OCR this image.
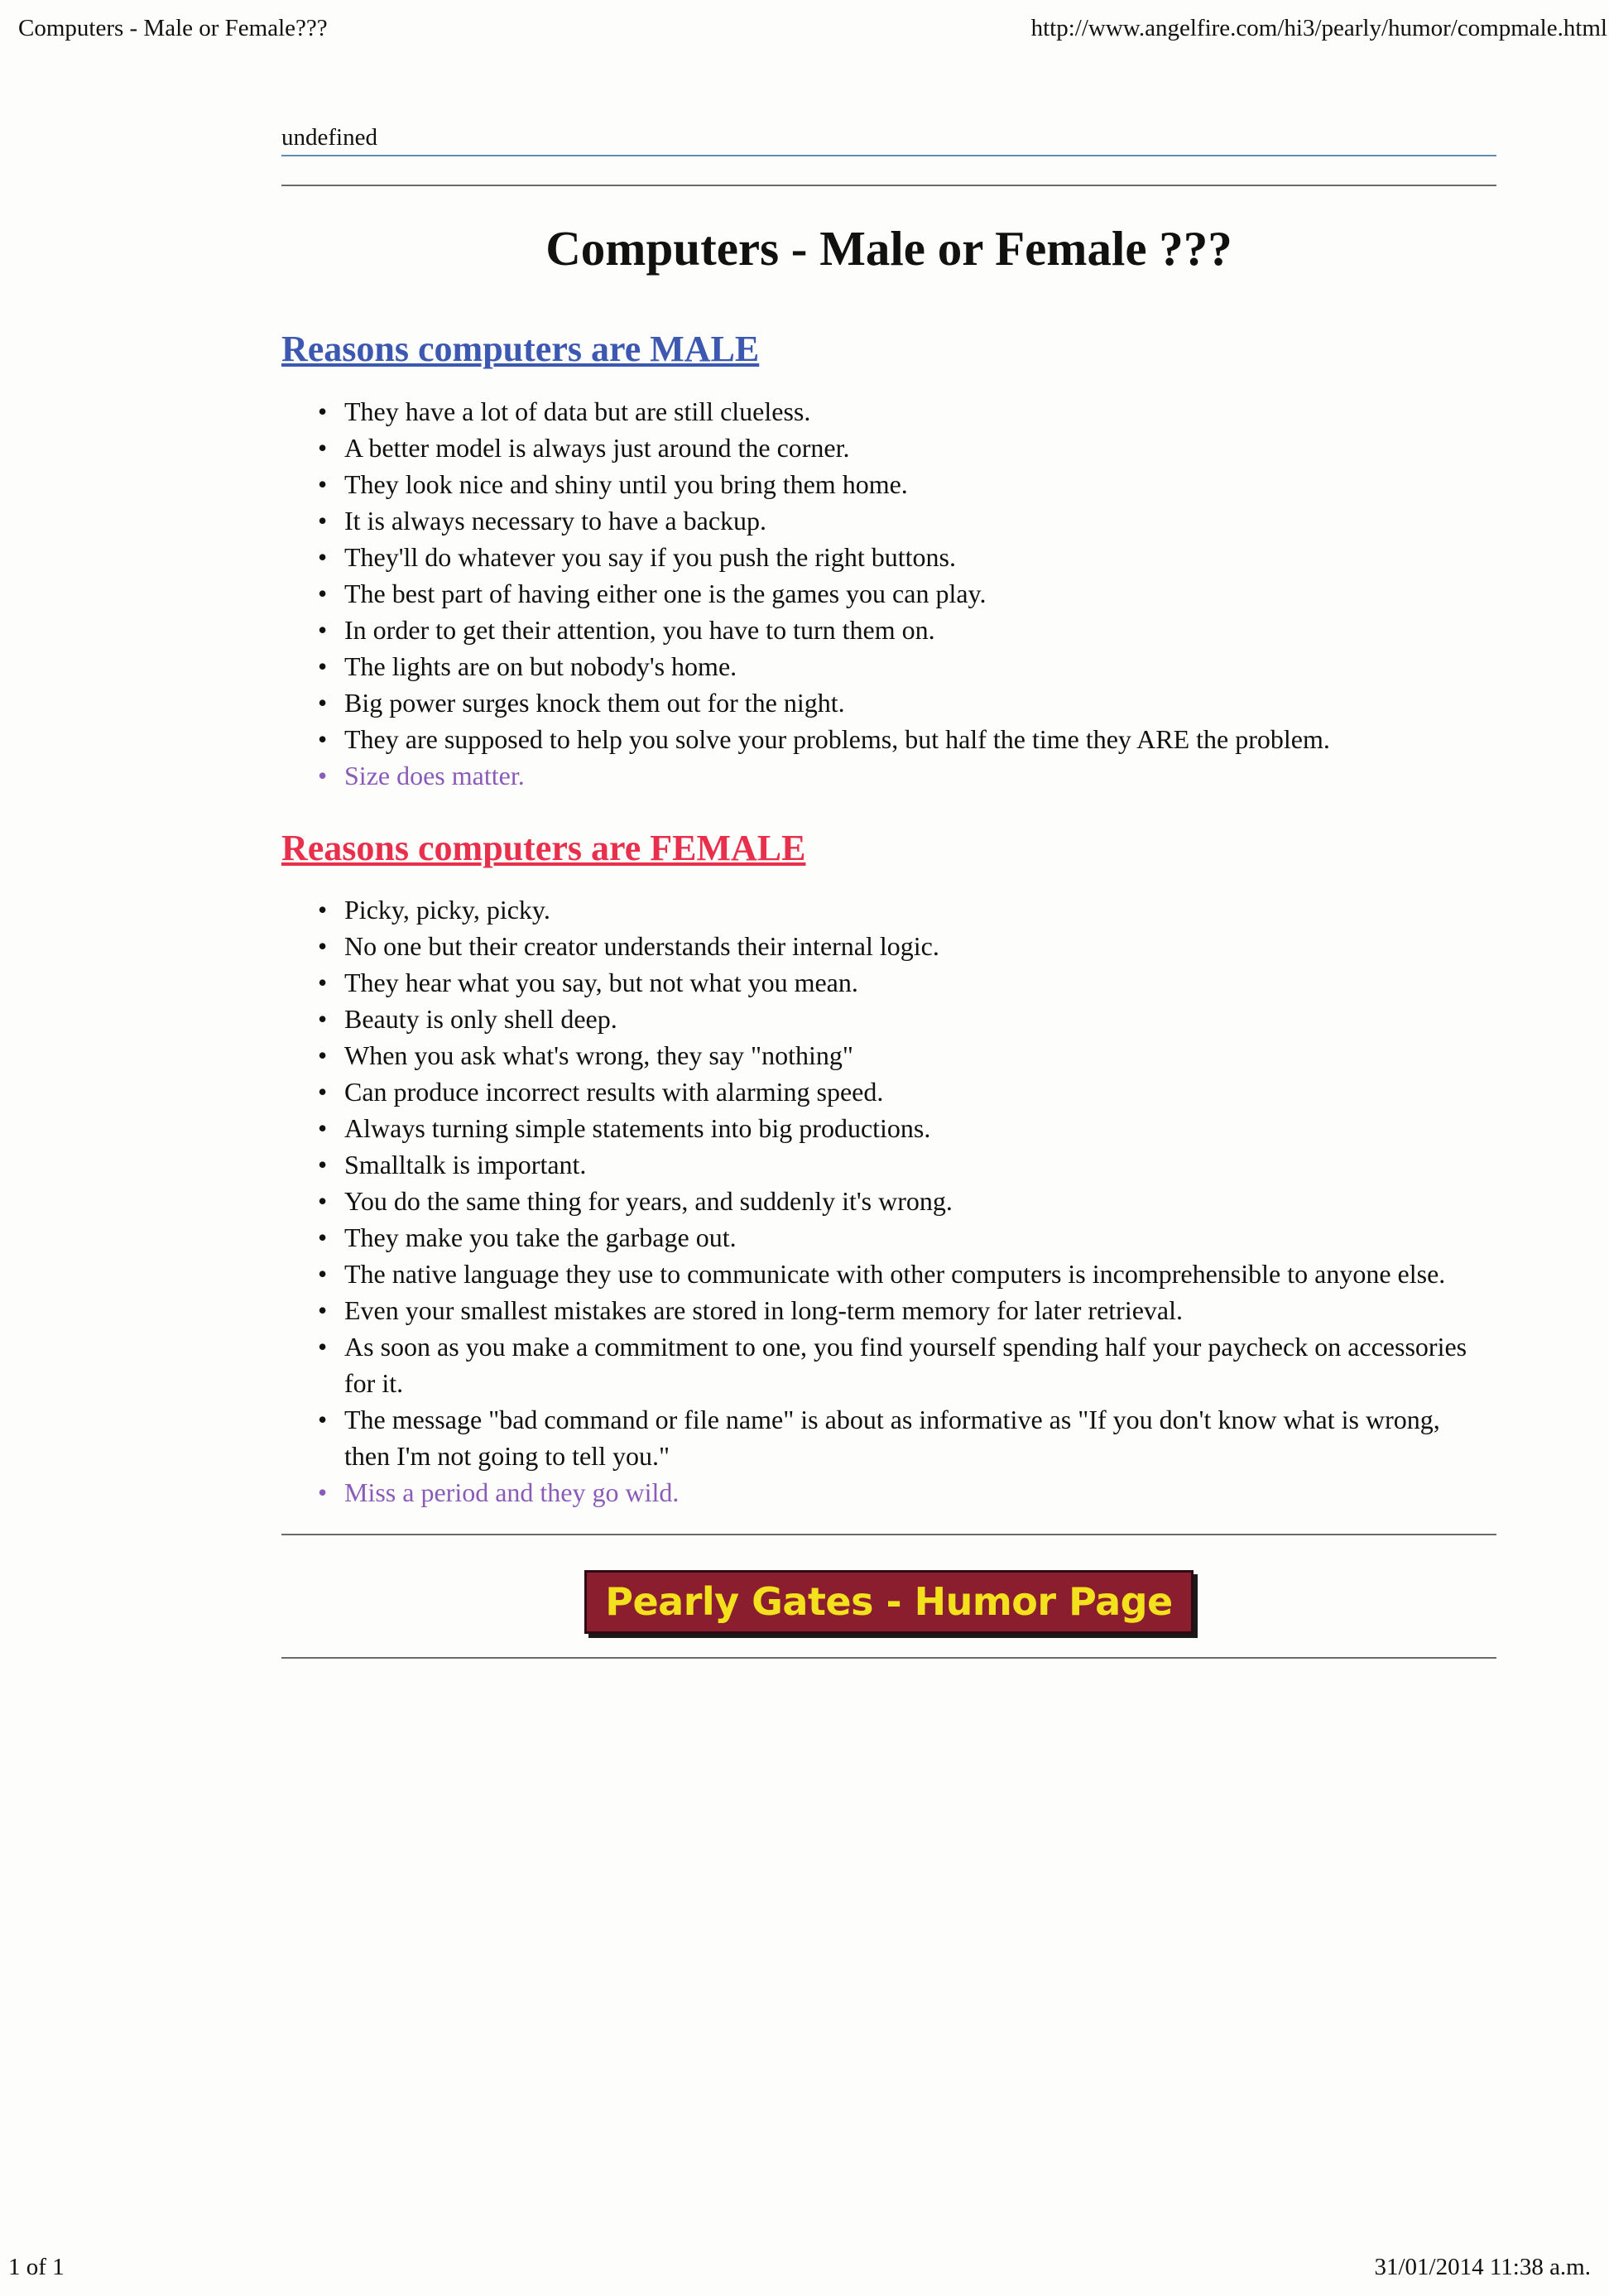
Computers - Male or Female???	http://www.angelfire.com/hi3/pearly/humor/compmale.html
undefined
Computers - Male or Female ???
Reasons computers are MALE
• They have a lot of data but are still clueless.
• A better model is always just around the corner.
• They look nice and shiny until you bring them home.
• It is always necessary to have a backup.
• They'll do whatever you say if you push the right buttons.
• The best part of having either one is the games you can play.
• In order to get their attention, you have to turn them on.
• The lights are on but nobody's home.
• Big power surges knock them out for the night.
• They are supposed to help you solve your problems, but half the time they ARE the problem.
• Size does matter.
Reasons computers are FEMALE
• Picky, picky, picky.
• No one but their creator understands their internal logic.
• They hear what you say, but not what you mean.
• Beauty is only shell deep.
• When you ask what's wrong, they say "nothing"
• Can produce incorrect results with alarming speed.
• Always turning simple statements into big productions.
• Smalltalk is important.
• You do the same thing for years, and suddenly it's wrong.
• They make you take the garbage out.
• The native language they use to communicate with other computers is incomprehensible to anyone else.
• Even your smallest mistakes are stored in long-term memory for later retrieval.
• As soon as you make a commitment to one, you find yourself spending half your paycheck on accessories for it.
• The message "bad command or file name" is about as informative as "If you don't know what is wrong, then I'm not going to tell you."
• Miss a period and they go wild.
Pearly Gates - Humor Page
1 of 1	31/01/2014 11:38 a.m.
